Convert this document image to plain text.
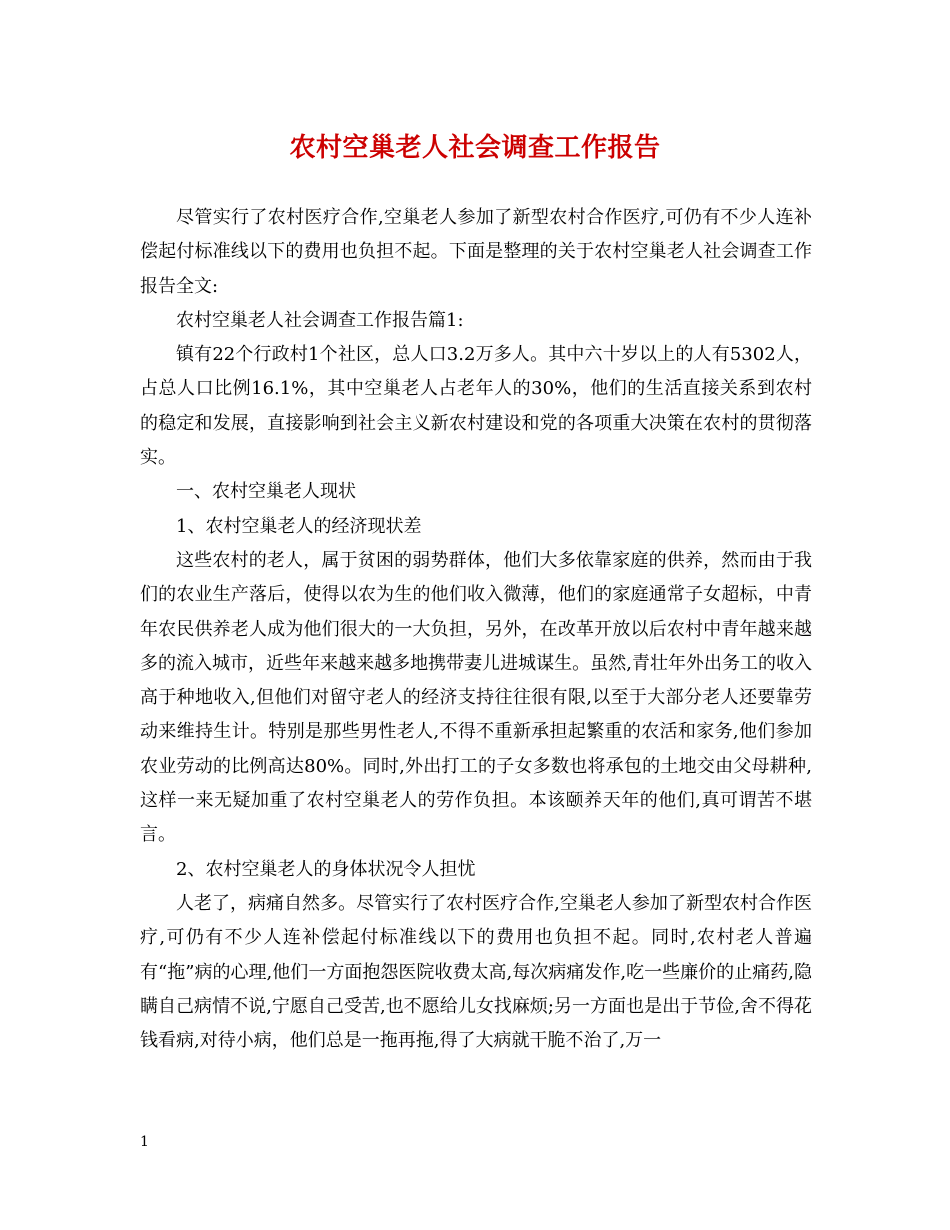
农村空巢老人社会调查工作报告

尽管实行了农村医疗合作,空巢老人参加了新型农村合作医疗,可仍有不少人连补偿起付标准线以下的费用也负担不起。下面是整理的关于农村空巢老人社会调查工作报告全文:

农村空巢老人社会调查工作报告篇1:

镇有22个行政村1个社区，总人口3.2万多人。其中六十岁以上的人有5302人，占总人口比例16.1%，其中空巢老人占老年人的30%，他们的生活直接关系到农村的稳定和发展，直接影响到社会主义新农村建设和党的各项重大决策在农村的贯彻落实。

一、农村空巢老人现状

1、农村空巢老人的经济现状差

这些农村的老人，属于贫困的弱势群体，他们大多依靠家庭的供养，然而由于我们的农业生产落后，使得以农为生的他们收入微薄，他们的家庭通常子女超标，中青年农民供养老人成为他们很大的一大负担，另外，在改革开放以后农村中青年越来越多的流入城市，近些年来越来越多地携带妻儿进城谋生。虽然,青壮年外出务工的收入高于种地收入,但他们对留守老人的经济支持往往很有限,以至于大部分老人还要靠劳动来维持生计。特别是那些男性老人,不得不重新承担起繁重的农活和家务,他们参加农业劳动的比例高达80%。同时,外出打工的子女多数也将承包的土地交由父母耕种,这样一来无疑加重了农村空巢老人的劳作负担。本该颐养天年的他们,真可谓苦不堪言。

2、农村空巢老人的身体状况令人担忧

人老了，病痛自然多。尽管实行了农村医疗合作,空巢老人参加了新型农村合作医疗,可仍有不少人连补偿起付标准线以下的费用也负担不起。同时,农村老人普遍有“拖”病的心理,他们一方面抱怨医院收费太高,每次病痛发作,吃一些廉价的止痛药,隐瞒自己病情不说,宁愿自己受苦,也不愿给儿女找麻烦;另一方面也是出于节俭,舍不得花钱看病,对待小病，他们总是一拖再拖,得了大病就干脆不治了,万一

1
